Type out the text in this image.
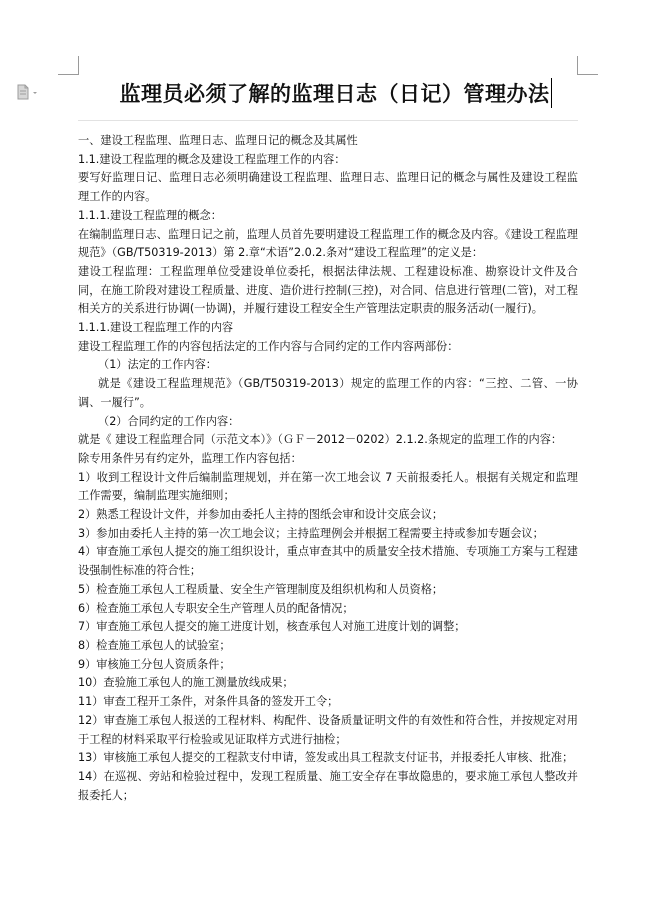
监理员必须了解的监理日志（日记）管理办法

一、建设工程监理、监理日志、监理日记的概念及其属性

1.1.建设工程监理的概念及建设工程监理工作的内容：

要写好监理日记、监理日志必须明确建设工程监理、监理日志、监理日记的概念与属性及建设工程监理工作的内容。

1.1.1.建设工程监理的概念：

在编制监理日志、监理日记之前，监理人员首先要明建设工程监理工作的概念及内容。《建设工程监理规范》（GB/T50319-2013）第 2.章“术语”2.0.2.条对“建设工程监理”的定义是：

建设工程监理：工程监理单位受建设单位委托，根据法律法规、工程建设标准、勘察设计文件及合同，在施工阶段对建设工程质量、进度、造价进行控制(三控)，对合同、信息进行管理(二管)，对工程相关方的关系进行协调(一协调)，并履行建设工程安全生产管理法定职责的服务活动(一履行)。

1.1.1.建设工程监理工作的内容

建设工程监理工作的内容包括法定的工作内容与合同约定的工作内容两部份：

（1）法定的工作内容：

就是《建设工程监理规范》（GB/T50319-2013）规定的监理工作的内容：“三控、二管、一协调、一履行”。

（2）合同约定的工作内容：

就是《 建设工程监理合同（示范文本）》（ＧＦ－2012－0202）2.1.2.条规定的监理工作的内容：

除专用条件另有约定外，监理工作内容包括：

1）收到工程设计文件后编制监理规划，并在第一次工地会议 7 天前报委托人。根据有关规定和监理工作需要，编制监理实施细则；

2）熟悉工程设计文件，并参加由委托人主持的图纸会审和设计交底会议；

3）参加由委托人主持的第一次工地会议；主持监理例会并根据工程需要主持或参加专题会议；

4）审查施工承包人提交的施工组织设计，重点审查其中的质量安全技术措施、专项施工方案与工程建设强制性标准的符合性；

5）检查施工承包人工程质量、安全生产管理制度及组织机构和人员资格；

6）检查施工承包人专职安全生产管理人员的配备情况；

7）审查施工承包人提交的施工进度计划，核查承包人对施工进度计划的调整；

8）检查施工承包人的试验室；

9）审核施工分包人资质条件；

10）查验施工承包人的施工测量放线成果；

11）审查工程开工条件，对条件具备的签发开工令；

12）审查施工承包人报送的工程材料、构配件、设备质量证明文件的有效性和符合性，并按规定对用于工程的材料采取平行检验或见证取样方式进行抽检；

13）审核施工承包人提交的工程款支付申请，签发或出具工程款支付证书，并报委托人审核、批准；

14）在巡视、旁站和检验过程中，发现工程质量、施工安全存在事故隐患的，要求施工承包人整改并报委托人；
